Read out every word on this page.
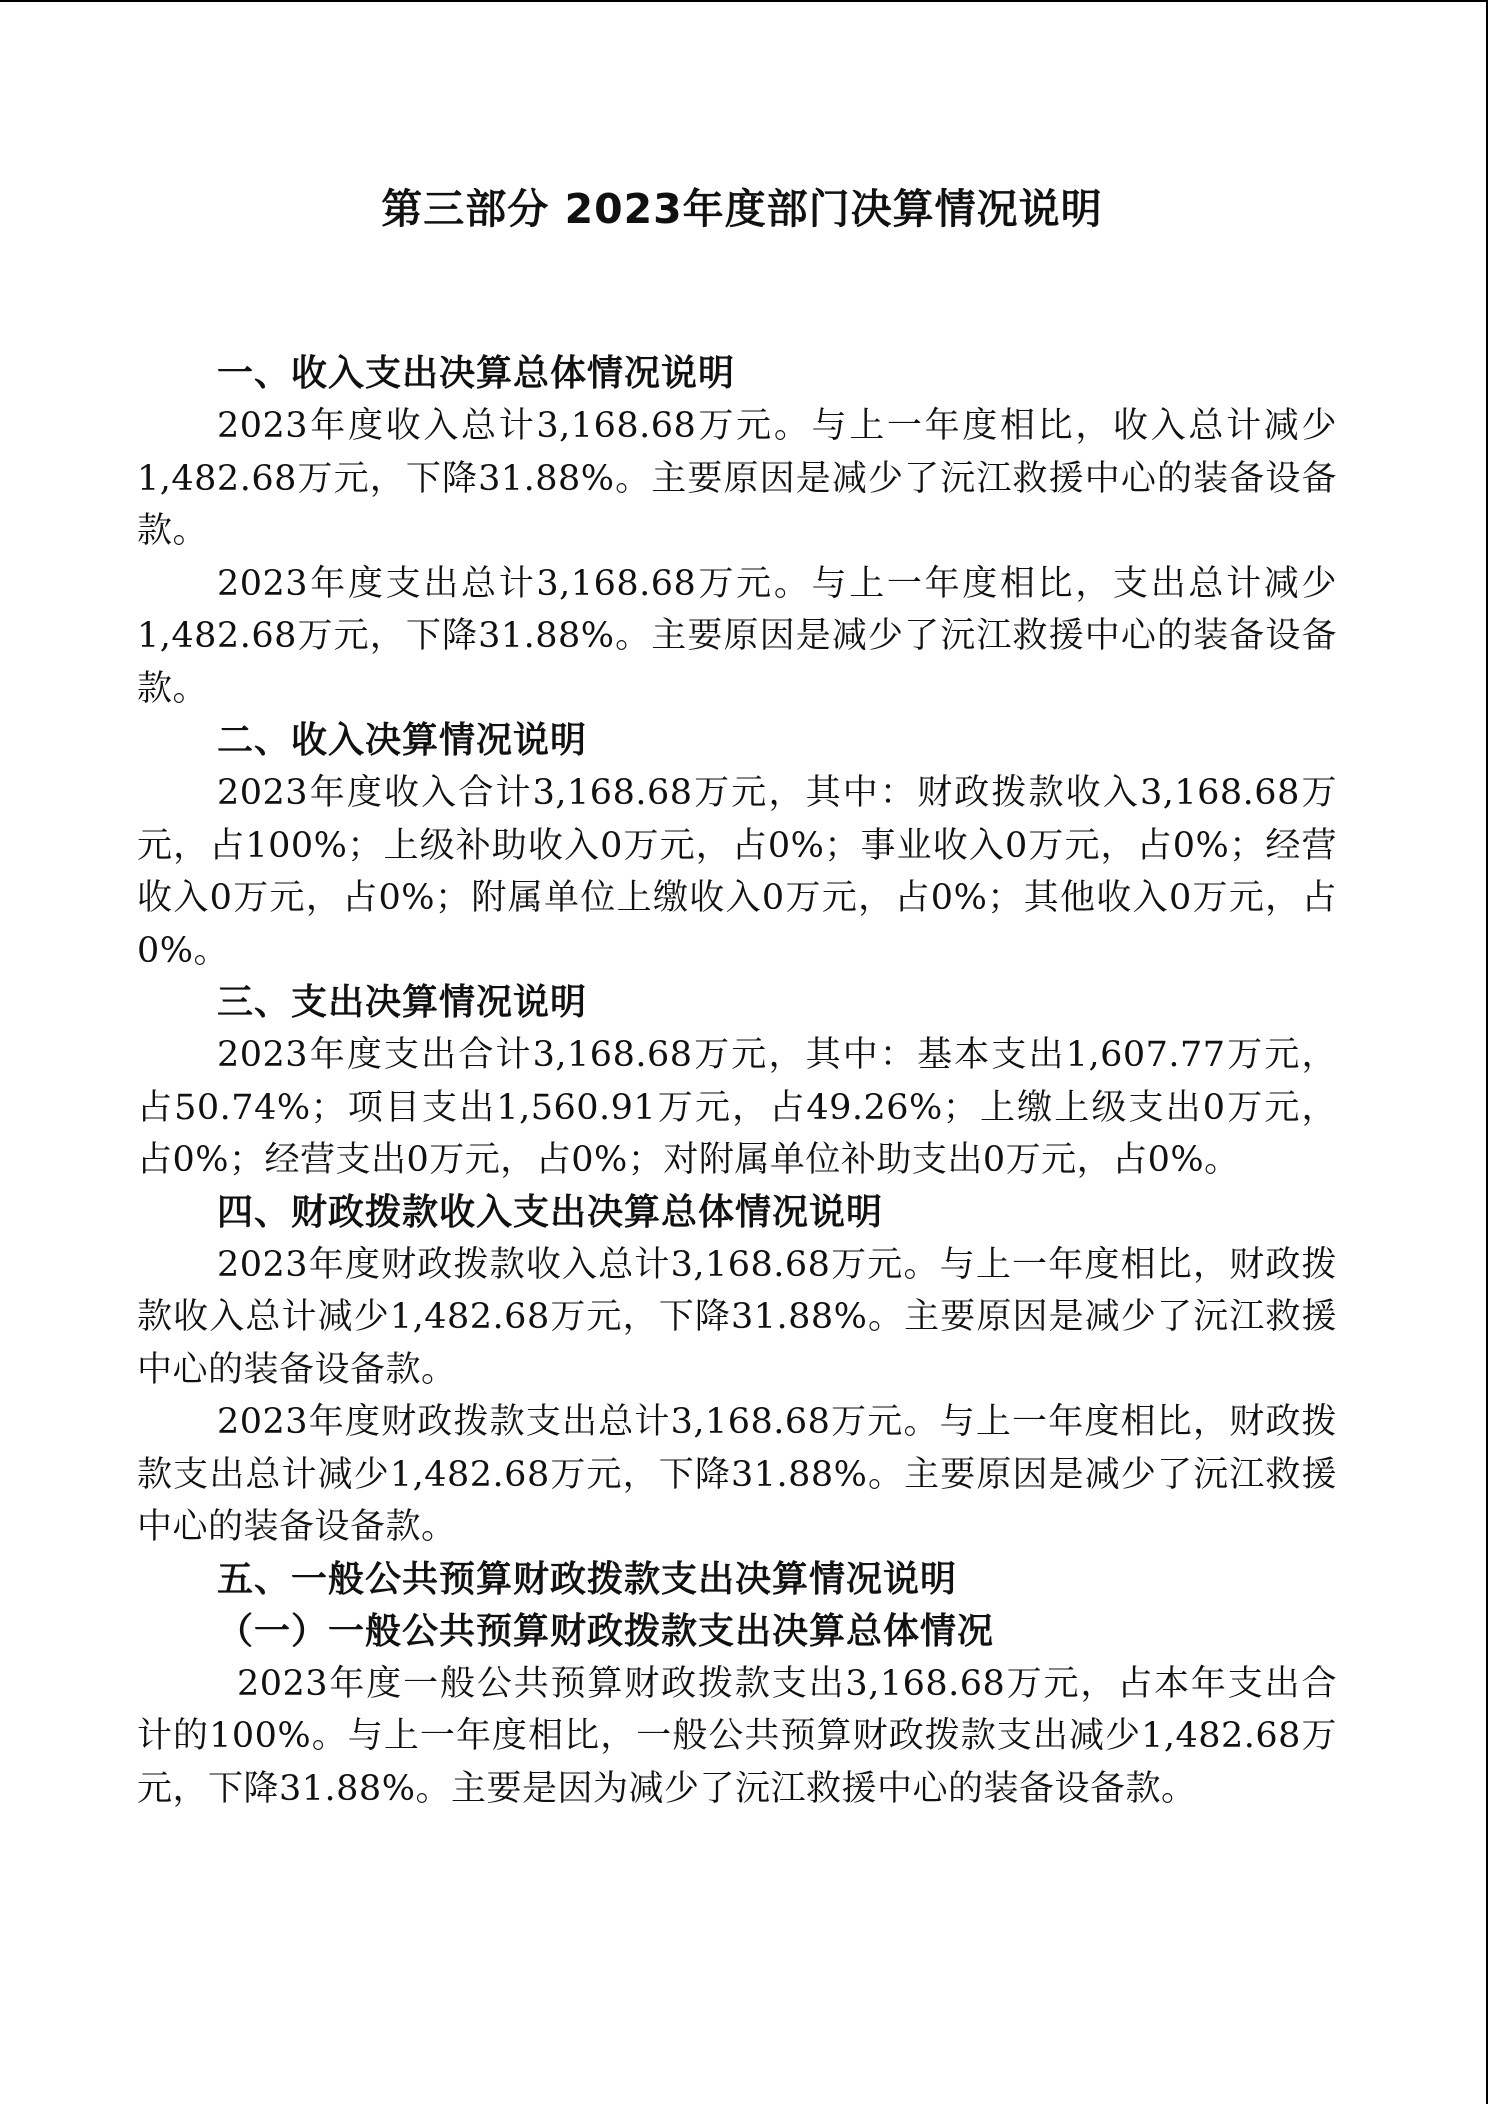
第三部分 2023年度部门决算情况说明
一、收入支出决算总体情况说明

2023年度收入总计3,168.68万元。与上一年度相比，收入总计减少1,482.68万元，下降31.88%。主要原因是减少了沅江救援中心的装备设备款。

2023年度支出总计3,168.68万元。与上一年度相比，支出总计减少1,482.68万元，下降31.88%。主要原因是减少了沅江救援中心的装备设备款。

二、收入决算情况说明

2023年度收入合计3,168.68万元，其中：财政拨款收入3,168.68万元，占100%；上级补助收入0万元，占0%；事业收入0万元，占0%；经营收入0万元，占0%；附属单位上缴收入0万元，占0%；其他收入0万元，占0%。

三、支出决算情况说明

2023年度支出合计3,168.68万元，其中：基本支出1,607.77万元，占50.74%；项目支出1,560.91万元，占49.26%；上缴上级支出0万元，占0%；经营支出0万元，占0%；对附属单位补助支出0万元，占0%。

四、财政拨款收入支出决算总体情况说明

2023年度财政拨款收入总计3,168.68万元。与上一年度相比，财政拨款收入总计减少1,482.68万元，下降31.88%。主要原因是减少了沅江救援中心的装备设备款。

2023年度财政拨款支出总计3,168.68万元。与上一年度相比，财政拨款支出总计减少1,482.68万元，下降31.88%。主要原因是减少了沅江救援中心的装备设备款。

五、一般公共预算财政拨款支出决算情况说明
（一）一般公共预算财政拨款支出决算总体情况

2023年度一般公共预算财政拨款支出3,168.68万元，占本年支出合计的100%。与上一年度相比，一般公共预算财政拨款支出减少1,482.68万元，下降31.88%。主要是因为减少了沅江救援中心的装备设备款。
